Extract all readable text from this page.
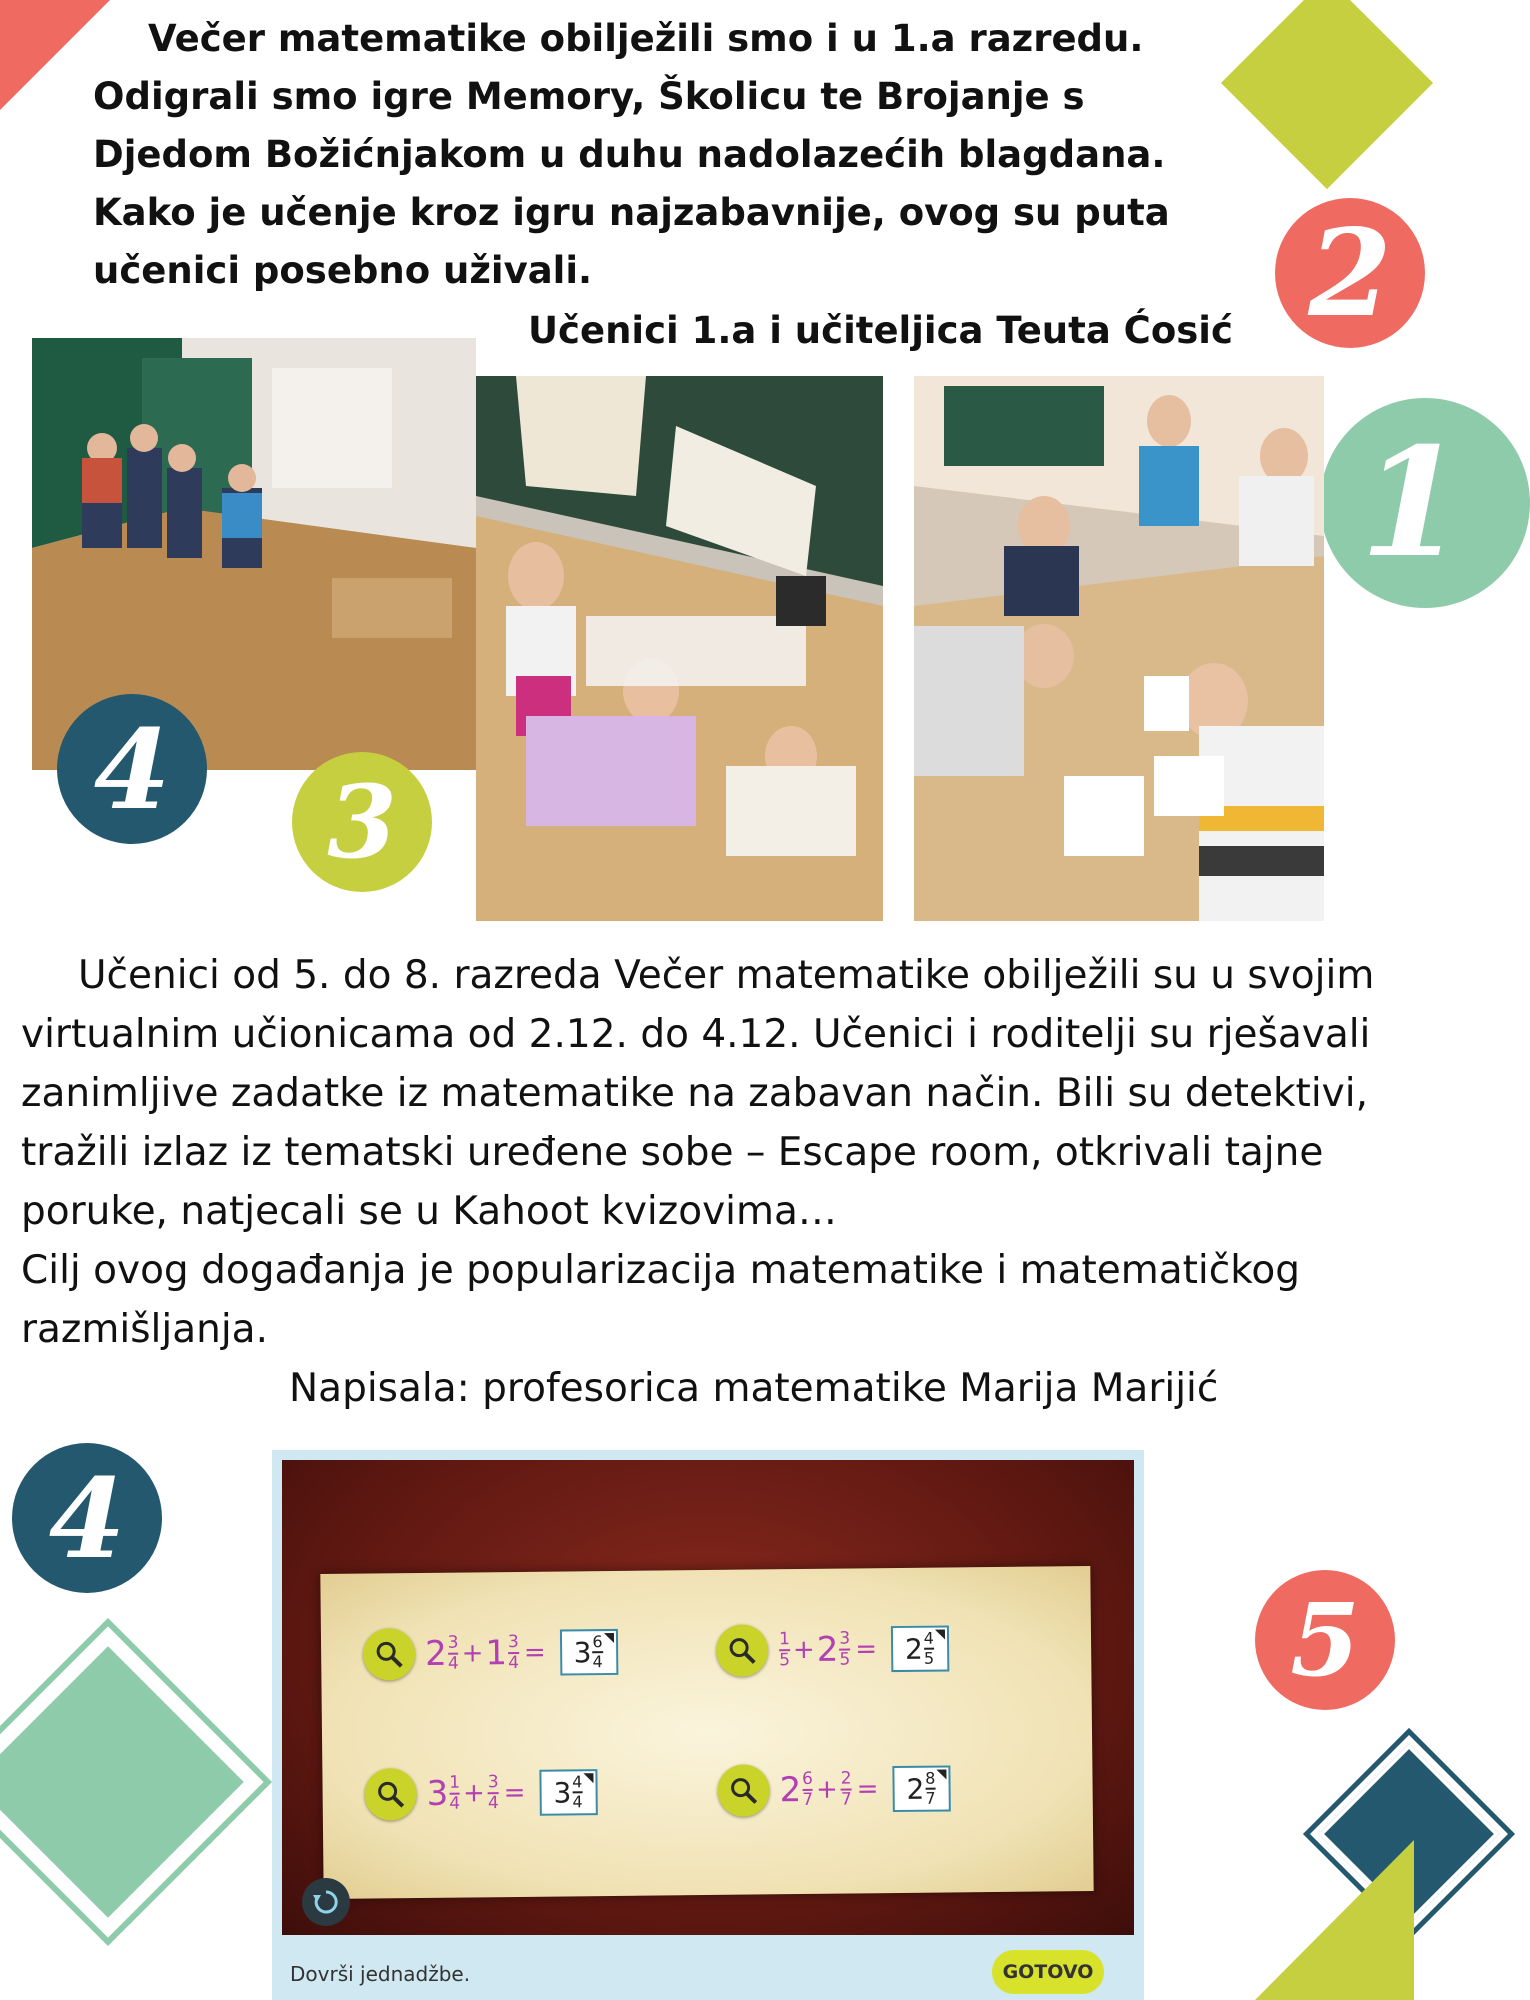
2
1
Večer matematike obilježili smo i u 1.a razredu.
Odigrali smo igre Memory, Školicu te Brojanje s
Djedom Božićnjakom u duhu nadolazećih blagdana.
Kako je učenje kroz igru najzabavnije, ovog su puta
učenici posebno uživali.
Učenici 1.a i učiteljica Teuta Ćosić
4 3
Učenici od 5. do 8. razreda Večer matematike obilježili su u svojim
virtualnim učionicama od 2.12. do 4.12. Učenici i roditelji su rješavali
zanimljive zadatke iz matematike na zabavan način. Bili su detektivi,
tražili izlaz iz tematski uređene sobe – Escape room, otkrivali tajne
poruke, natjecali se u Kahoot kvizovima…
Cilj ovog događanja je popularizacija matematike i matematičkog
razmišljanja.
Napisala: profesorica matematike Marija Marijić
4
5
$2 \frac{3}{4} + 1 \frac{3}{4} = 3 \frac{6}{4}$	$\frac{1}{5} + 2 \frac{3}{5} = 2 \frac{4}{5}$
$3 \frac{1}{4} + \frac{3}{4} = 3 \frac{4}{4}$	$2 \frac{6}{7} + \frac{2}{7} = 2 \frac{8}{7}$
Dovrši jednadžbe.	GOTOVO
